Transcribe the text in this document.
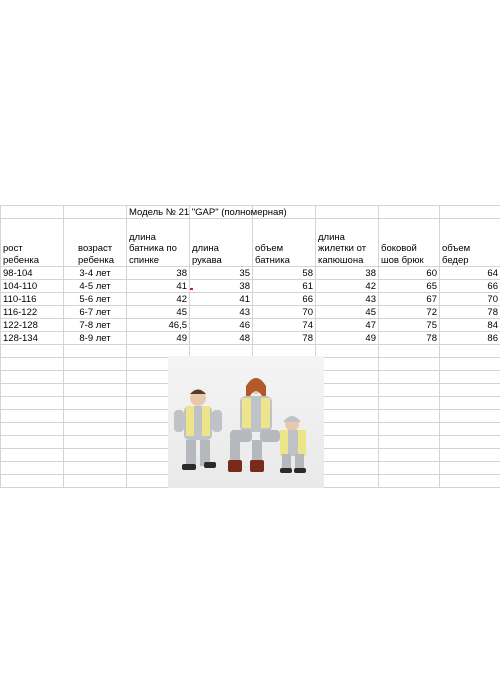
		Модель № 21 "GAP" (полномерная)					
рост ребенка	возраст ребенка	длина батника по спинке	длина рукава	объем батника	длина жилетки от капюшона	боковой шов брюк	объем бедер
98-104	3-4 лет	38	35	58	38	60	64
104-110	4-5 лет	41	38	61	42	65	66
110-116	5-6 лет	42	41	66	43	67	70
116-122	6-7 лет	45	43	70	45	72	78
122-128	7-8 лет	46,5	46	74	47	75	84
128-134	8-9 лет	49	48	78	49	78	86
